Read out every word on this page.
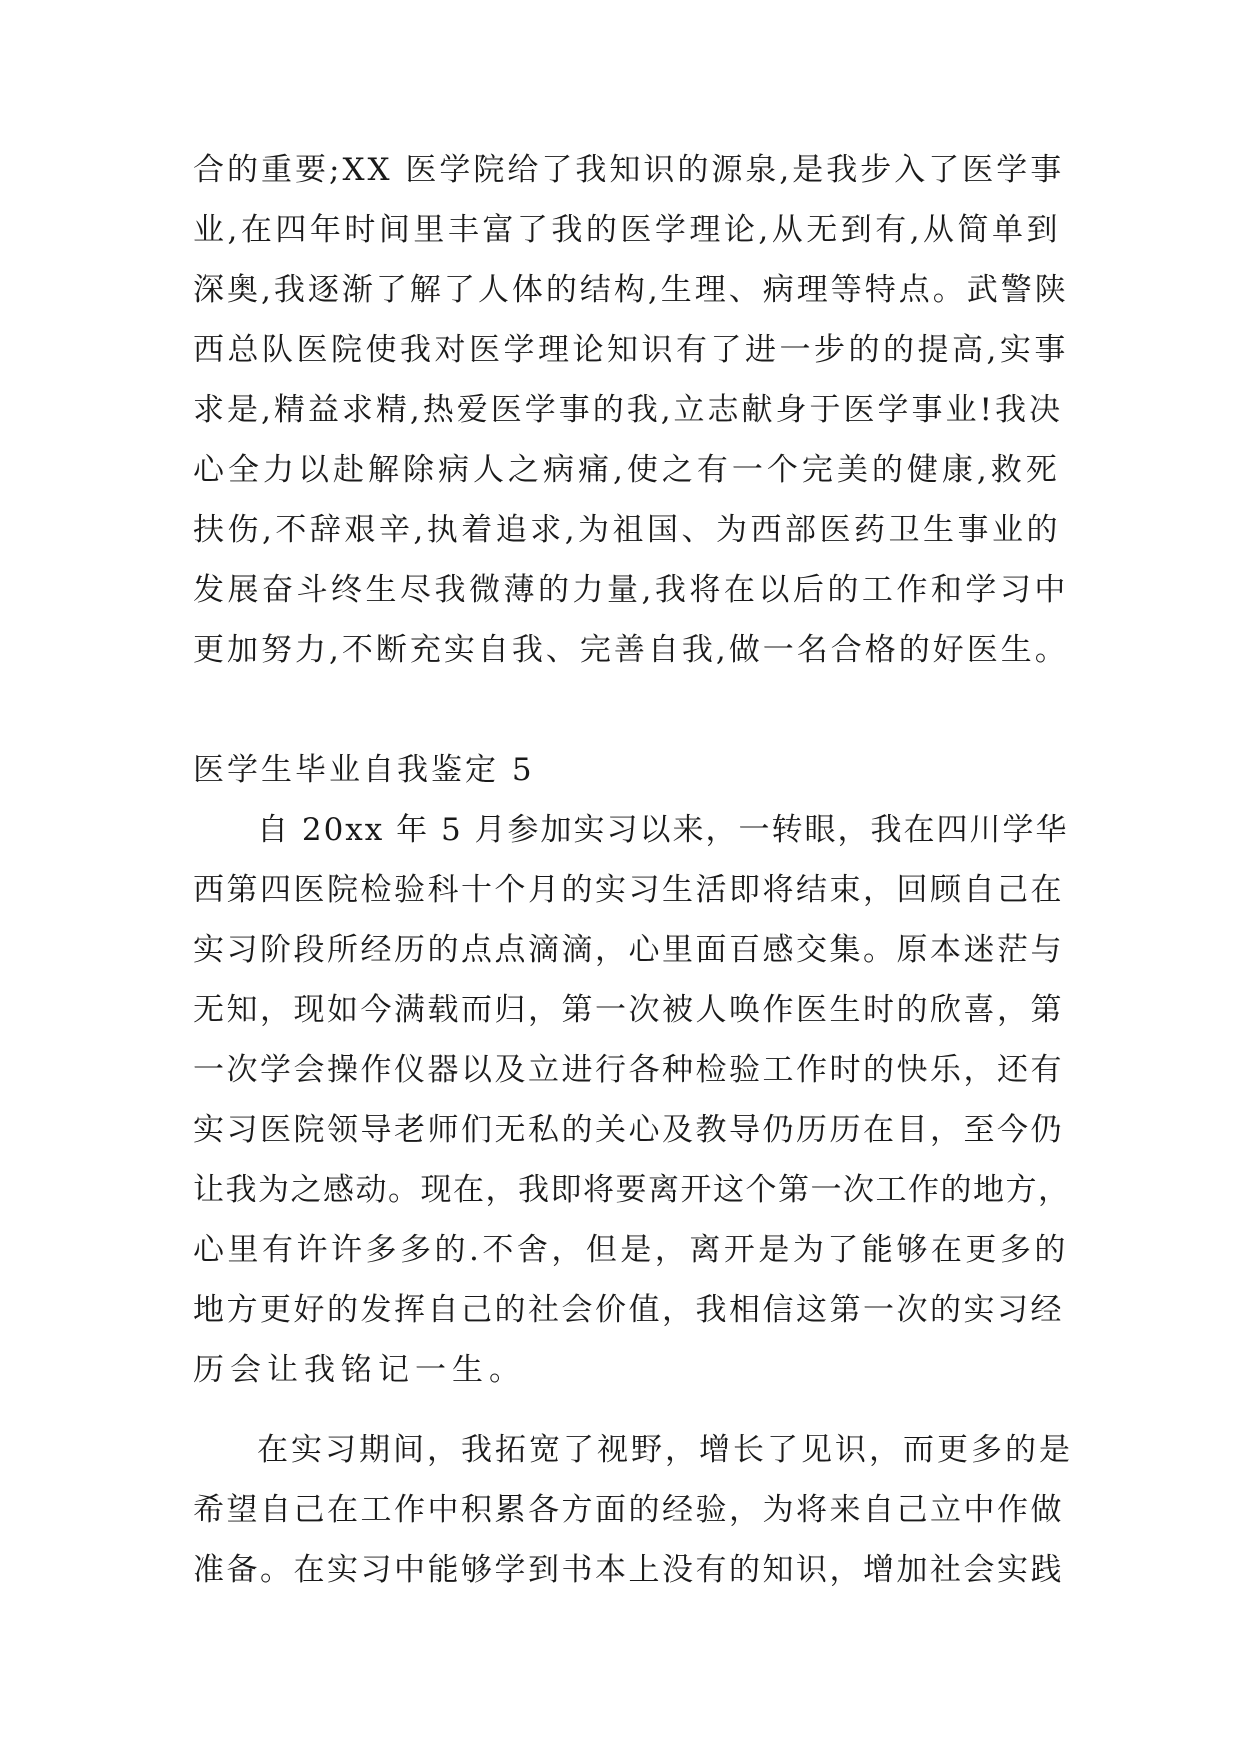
合的重要;XX 医学院给了我知识的源泉,是我步入了医学事
业,在四年时间里丰富了我的医学理论,从无到有,从简单到
深奥,我逐渐了解了人体的结构,生理、病理等特点。武警陕
西总队医院使我对医学理论知识有了进一步的的提高,实事
求是,精益求精,热爱医学事的我,立志献身于医学事业!我决
心全力以赴解除病人之病痛,使之有一个完美的健康,救死
扶伤,不辞艰辛,执着追求,为祖国、为西部医药卫生事业的
发展奋斗终生尽我微薄的力量,我将在以后的工作和学习中
更加努力,不断充实自我、完善自我,做一名合格的好医生。
医学生毕业自我鉴定 5
自 20xx 年 5 月参加实习以来，一转眼，我在四川学华
西第四医院检验科十个月的实习生活即将结束，回顾自己在
实习阶段所经历的点点滴滴，心里面百感交集。原本迷茫与
无知，现如今满载而归，第一次被人唤作医生时的欣喜，第
一次学会操作仪器以及立进行各种检验工作时的快乐，还有
实习医院领导老师们无私的关心及教导仍历历在目，至今仍
让我为之感动。现在，我即将要离开这个第一次工作的地方，
心里有许许多多的.不舍，但是，离开是为了能够在更多的
地方更好的发挥自己的社会价值，我相信这第一次的实习经
历会让我铭记一生。
在实习期间，我拓宽了视野，增长了见识，而更多的是
希望自己在工作中积累各方面的经验，为将来自己立中作做
准备。在实习中能够学到书本上没有的知识，增加社会实践
